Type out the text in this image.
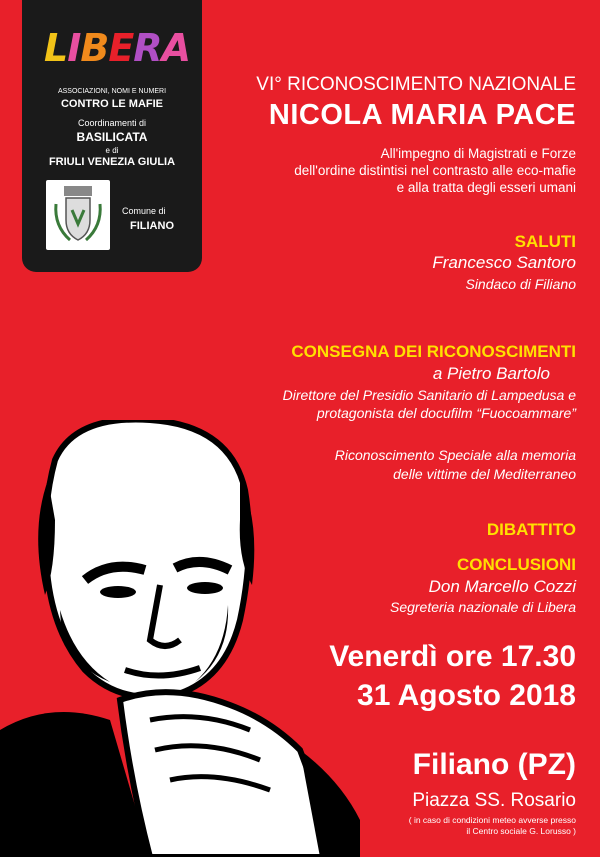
LIBERA
ASSOCIAZIONI, NOMI E NUMERI
CONTRO LE MAFIE
Coordinamenti di
BASILICATA
e di
FRIULI VENEZIA GIULIA
Comune di
FILIANO
VI° RICONOSCIMENTO NAZIONALE
NICOLA MARIA PACE
All'impegno di Magistrati e Forze
dell'ordine distintisi nel contrasto alle eco-mafie
e alla tratta degli esseri umani
SALUTI
Francesco Santoro
Sindaco di Filiano
CONSEGNA DEI RICONOSCIMENTI
a Pietro Bartolo
Direttore del Presidio Sanitario di Lampedusa e
protagonista del docufilm “Fuocoammare”
Riconoscimento Speciale alla memoria
delle vittime del Mediterraneo
DIBATTITO
CONCLUSIONI
Don Marcello Cozzi
Segreteria nazionale di Libera
Venerdì ore 17.30
31 Agosto 2018
Filiano (PZ)
Piazza SS. Rosario
( in caso di condizioni meteo avverse presso
il Centro sociale G. Lorusso )
